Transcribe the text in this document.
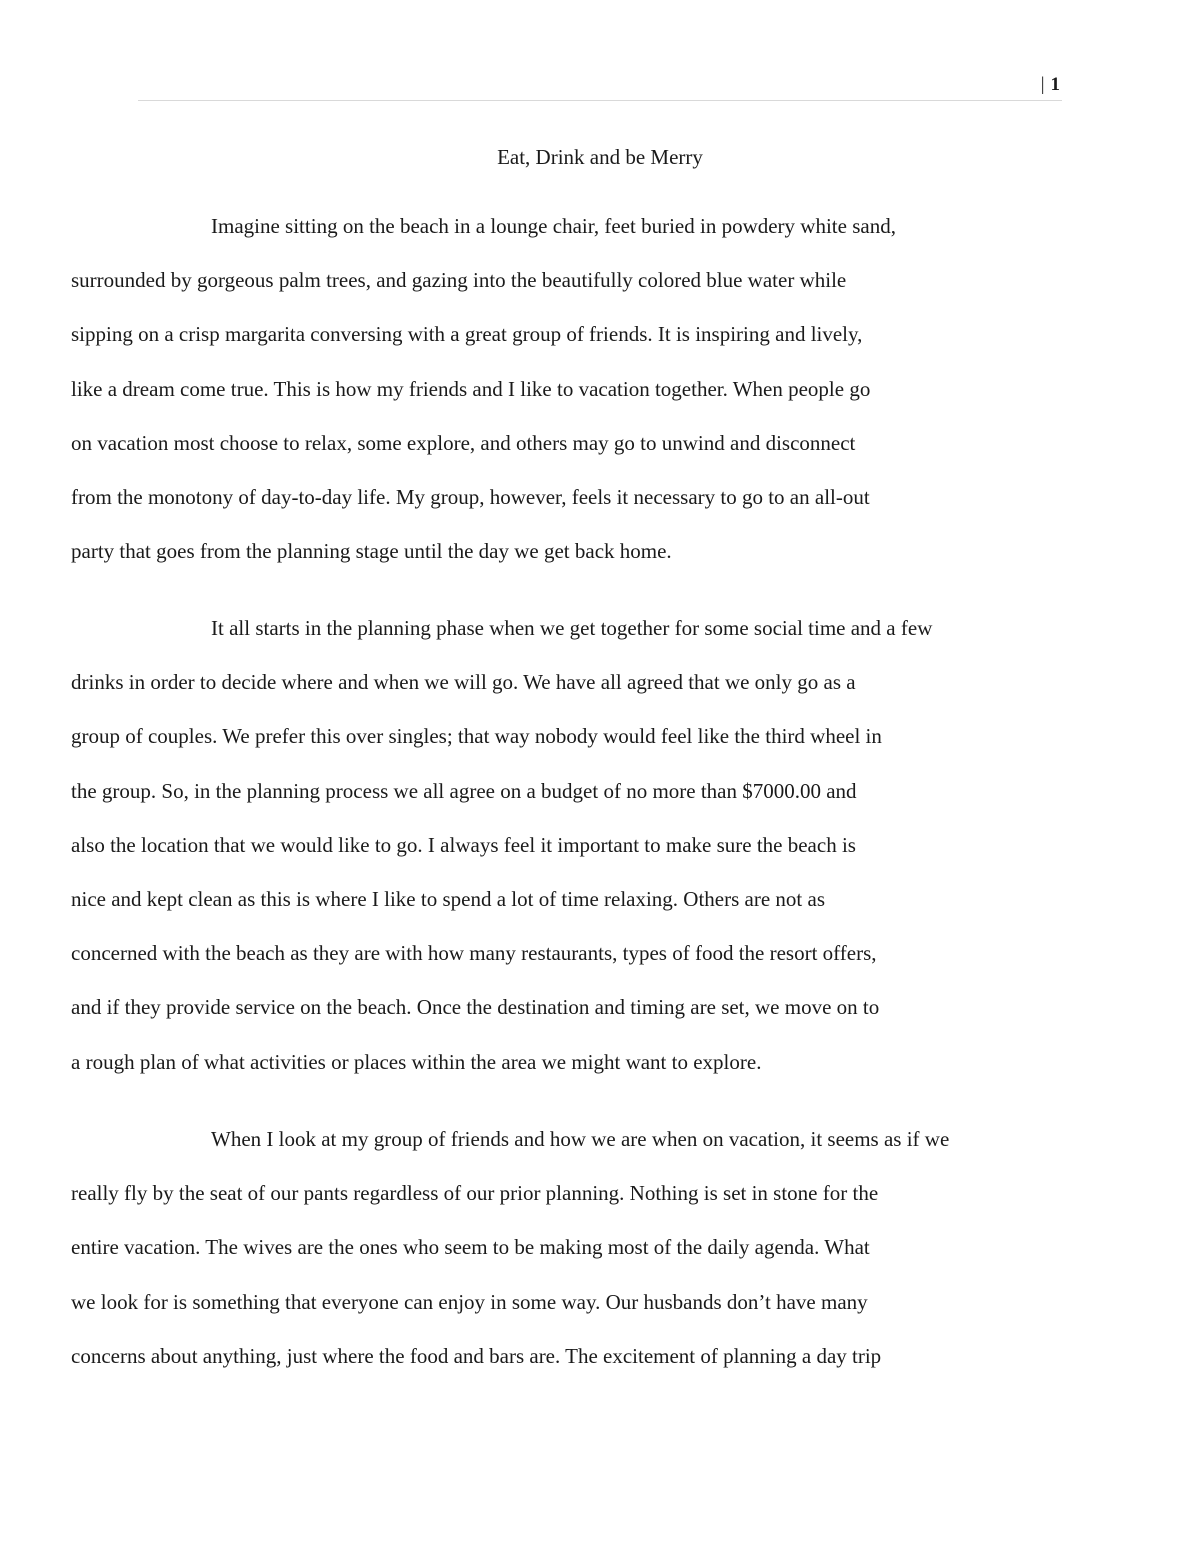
| 1
Eat, Drink and be Merry

Imagine sitting on the beach in a lounge chair, feet buried in powdery white sand,
surrounded by gorgeous palm trees, and gazing into the beautifully colored blue water while
sipping on a crisp margarita conversing with a great group of friends. It is inspiring and lively,
like a dream come true. This is how my friends and I like to vacation together. When people go
on vacation most choose to relax, some explore, and others may go to unwind and disconnect
from the monotony of day-to-day life. My group, however, feels it necessary to go to an all-out
party that goes from the planning stage until the day we get back home.

It all starts in the planning phase when we get together for some social time and a few
drinks in order to decide where and when we will go. We have all agreed that we only go as a
group of couples. We prefer this over singles; that way nobody would feel like the third wheel in
the group. So, in the planning process we all agree on a budget of no more than $7000.00 and
also the location that we would like to go. I always feel it important to make sure the beach is
nice and kept clean as this is where I like to spend a lot of time relaxing. Others are not as
concerned with the beach as they are with how many restaurants, types of food the resort offers,
and if they provide service on the beach. Once the destination and timing are set, we move on to
a rough plan of what activities or places within the area we might want to explore.

When I look at my group of friends and how we are when on vacation, it seems as if we
really fly by the seat of our pants regardless of our prior planning. Nothing is set in stone for the
entire vacation. The wives are the ones who seem to be making most of the daily agenda. What
we look for is something that everyone can enjoy in some way. Our husbands don’t have many
concerns about anything, just where the food and bars are. The excitement of planning a day trip
